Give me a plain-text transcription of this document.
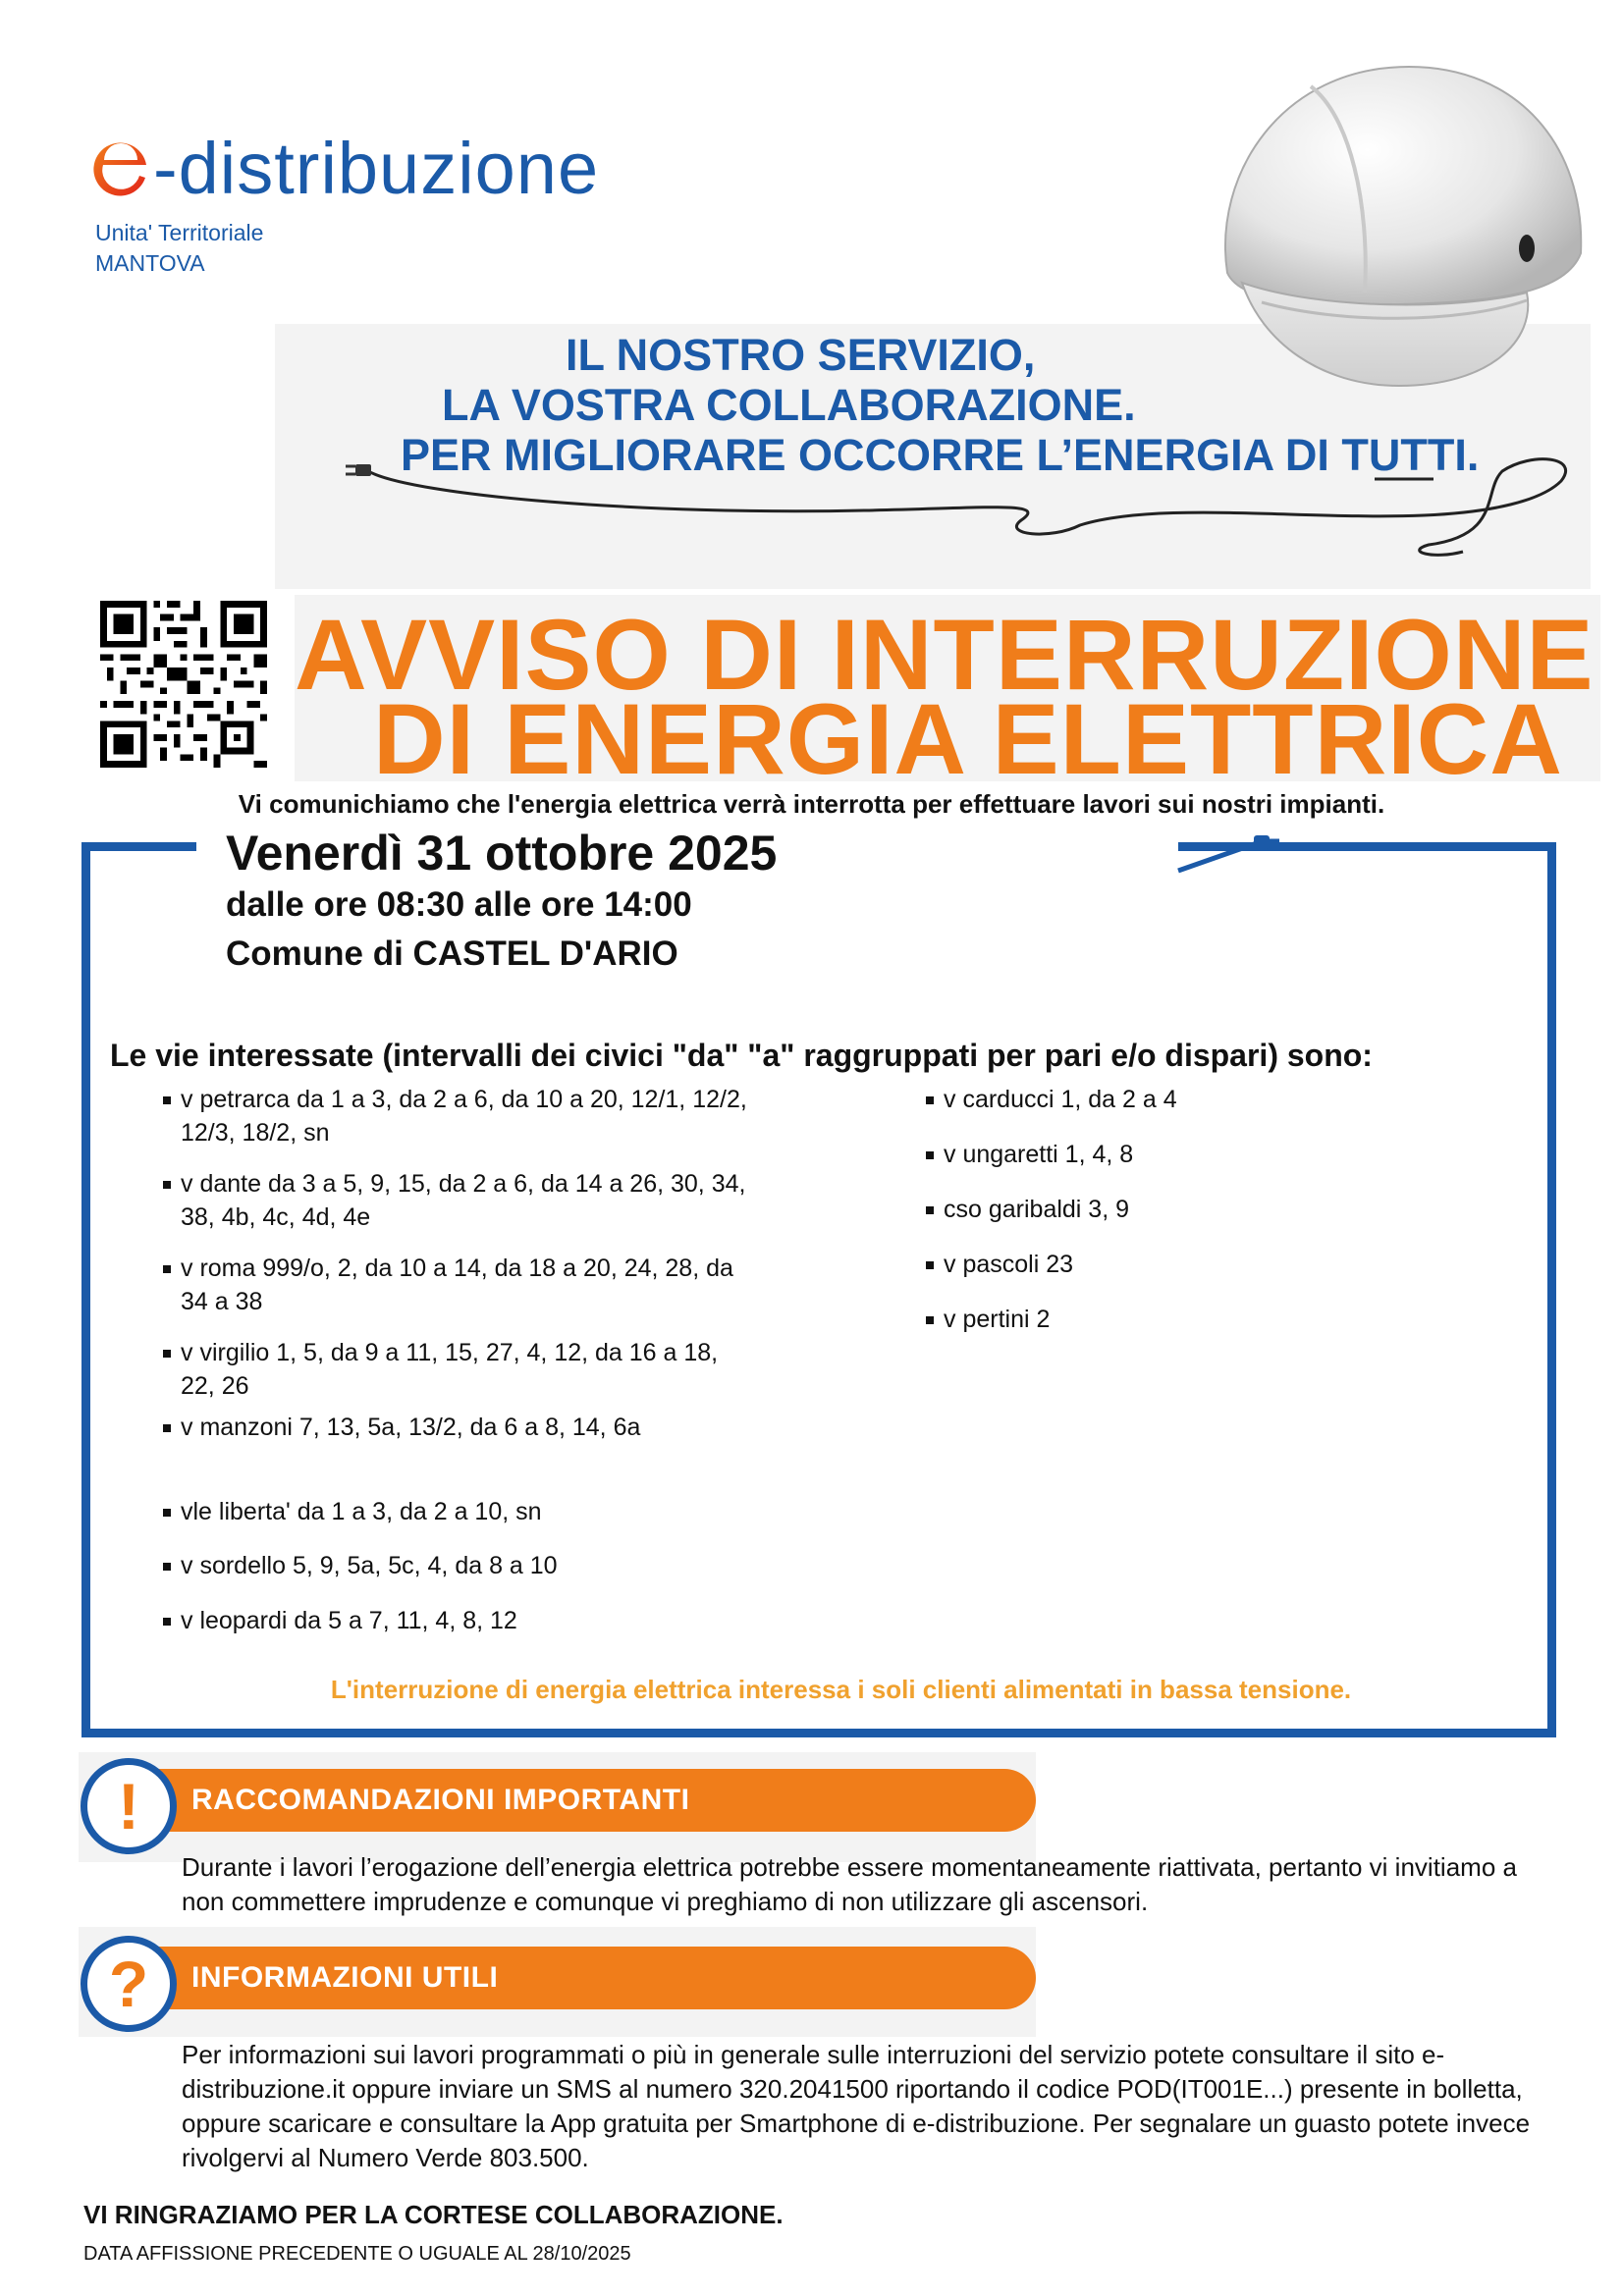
-distribuzione
Unita' Territoriale
MANTOVA
IL NOSTRO SERVIZIO,
LA VOSTRA COLLABORAZIONE.
PER MIGLIORARE OCCORRE L’ENERGIA DI TUTTI.
AVVISO DI INTERRUZIONE
DI ENERGIA ELETTRICA
Vi comunichiamo che l'energia elettrica verrà interrotta per effettuare lavori sui nostri impianti.
Venerdì 31 ottobre 2025
dalle ore 08:30 alle ore 14:00
Comune di CASTEL D'ARIO
Le vie interessate (intervalli dei civici "da" "a" raggruppati per pari e/o dispari) sono:
v petrarca da 1 a 3, da 2 a 6, da 10 a 20, 12/1, 12/2, 12/3, 18/2, sn
v dante da 3 a 5, 9, 15, da 2 a 6, da 14 a 26, 30, 34, 38, 4b, 4c, 4d, 4e
v roma 999/o, 2, da 10 a 14, da 18 a 20, 24, 28, da 34 a 38
v virgilio 1, 5, da 9 a 11, 15, 27, 4, 12, da 16 a 18, 22, 26
v manzoni 7, 13, 5a, 13/2, da 6 a 8, 14, 6a
vle liberta' da 1 a 3, da 2 a 10, sn
v sordello 5, 9, 5a, 5c, 4, da 8 a 10
v leopardi da 5 a 7, 11, 4, 8, 12
v carducci 1, da 2 a 4
v ungaretti 1, 4, 8
cso garibaldi 3, 9
v pascoli 23
v pertini 2
L'interruzione di energia elettrica interessa i soli clienti alimentati in bassa tensione.
RACCOMANDAZIONI IMPORTANTI
!
Durante i lavori l’erogazione dell’energia elettrica potrebbe essere momentaneamente riattivata, pertanto vi invitiamo a non commettere imprudenze e comunque vi preghiamo di non utilizzare gli ascensori.
INFORMAZIONI UTILI
?
Per informazioni sui lavori programmati o più in generale sulle interruzioni del servizio potete consultare il sito e-distribuzione.it oppure inviare un SMS al numero 320.2041500 riportando il codice POD(IT001E...) presente in bolletta, oppure scaricare e consultare la App gratuita per Smartphone di e-distribuzione. Per segnalare un guasto potete invece rivolgervi al Numero Verde 803.500.
VI RINGRAZIAMO PER LA CORTESE COLLABORAZIONE.
DATA AFFISSIONE PRECEDENTE O UGUALE AL 28/10/2025
